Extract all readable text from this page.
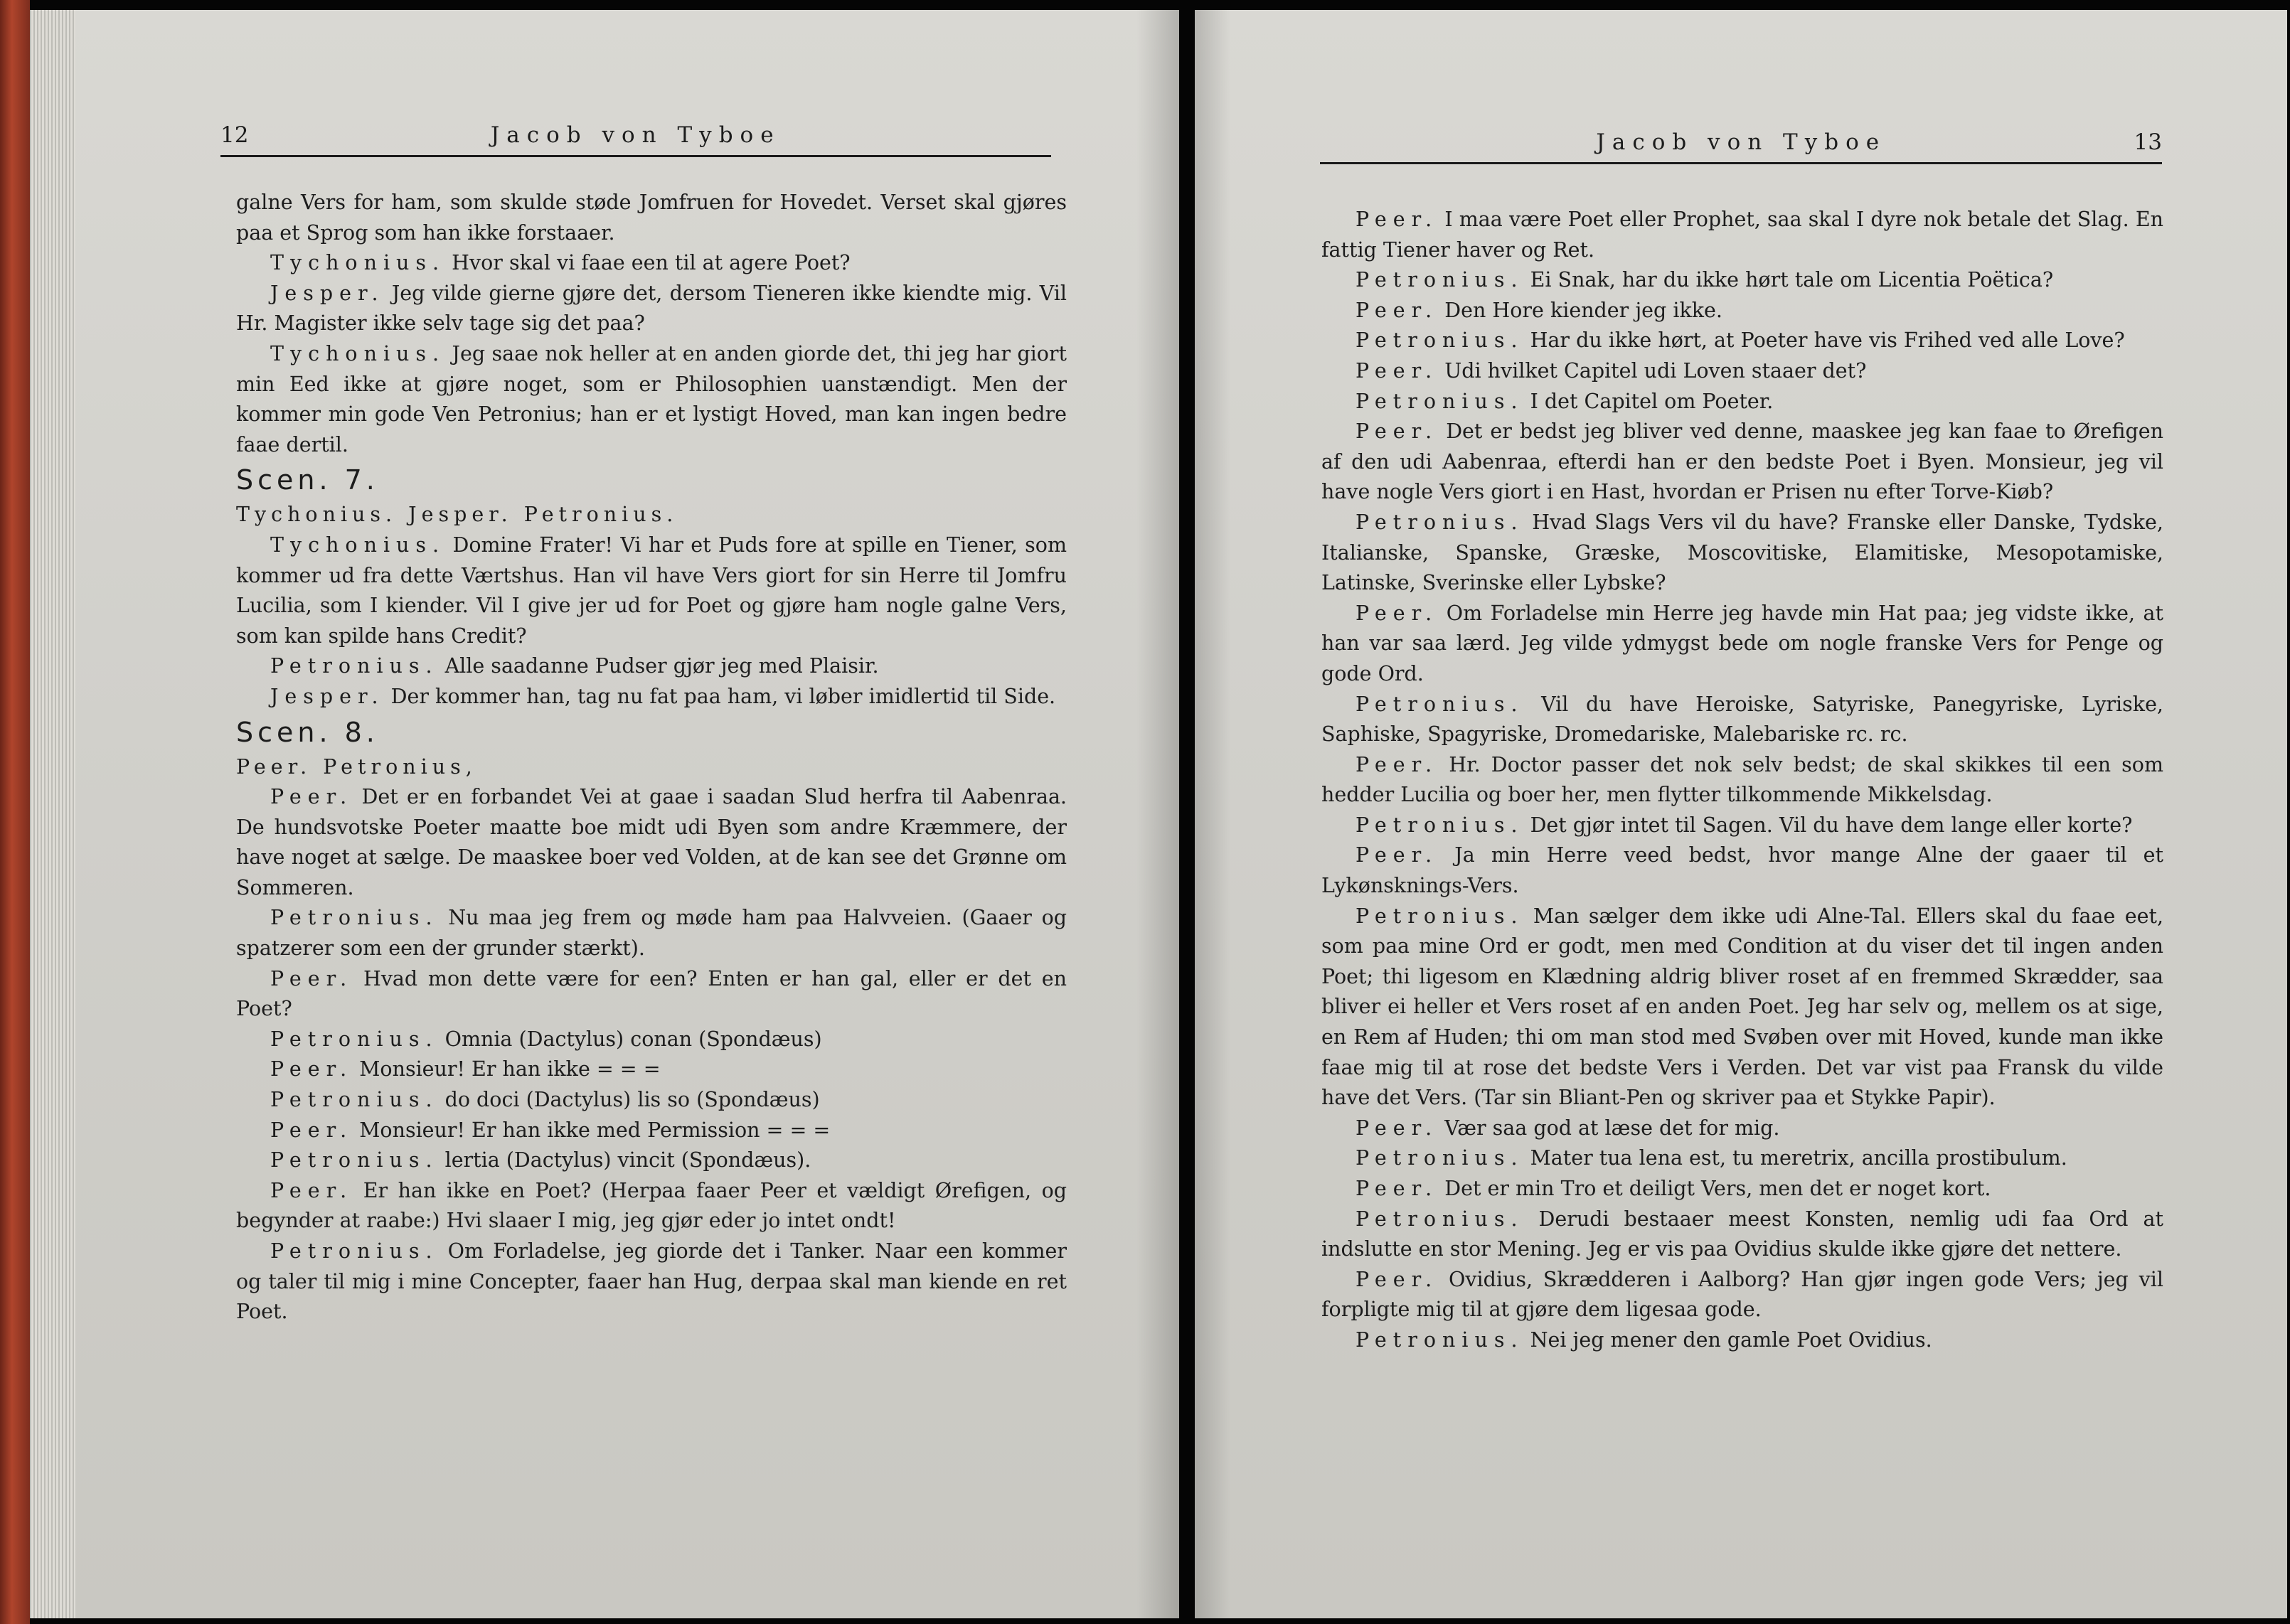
12	Jacob von Tyboe

galne Vers for ham, som skulde støde Jomfruen for Hovedet. Verset skal gjøres paa et Sprog som han ikke forstaaer.

Tychonius. Hvor skal vi faae een til at agere Poet?

Jesper. Jeg vilde gierne gjøre det, dersom Tieneren ikke kiendte mig. Vil Hr. Magister ikke selv tage sig det paa?

Tychonius. Jeg saae nok heller at en anden giorde det, thi jeg har giort min Eed ikke at gjøre noget, som er Philosophien uanstændigt. Men der kommer min gode Ven Petronius; han er et lystigt Hoved, man kan ingen bedre faae dertil.

Scen. 7.

Tychonius. Jesper. Petronius.

Tychonius. Domine Frater! Vi har et Puds fore at spille en Tiener, som kommer ud fra dette Værtshus. Han vil have Vers giort for sin Herre til Jomfru Lucilia, som I kiender. Vil I give jer ud for Poet og gjøre ham nogle galne Vers, som kan spilde hans Credit?

Petronius. Alle saadanne Pudser gjør jeg med Plaisir.

Jesper. Der kommer han, tag nu fat paa ham, vi løber imidlertid til Side.

Scen. 8.

Peer. Petronius,

Peer. Det er en forbandet Vei at gaae i saadan Slud herfra til Aabenraa. De hundsvotske Poeter maatte boe midt udi Byen som andre Kræmmere, der have noget at sælge. De maaskee boer ved Volden, at de kan see det Grønne om Sommeren.

Petronius. Nu maa jeg frem og møde ham paa Halvveien. (Gaaer og spatzerer som een der grunder stærkt).

Peer. Hvad mon dette være for een? Enten er han gal, eller er det en Poet?

Petronius. Omnia (Dactylus) conan (Spondæus)

Peer. Monsieur! Er han ikke = = =

Petronius. do doci (Dactylus) lis so (Spondæus)

Peer. Monsieur! Er han ikke med Permission = = =

Petronius. lertia (Dactylus) vincit (Spondæus).

Peer. Er han ikke en Poet? (Herpaa faaer Peer et vældigt Ørefigen, og begynder at raabe:) Hvi slaaer I mig, jeg gjør eder jo intet ondt!

Petronius. Om Forladelse, jeg giorde det i Tanker. Naar een kommer og taler til mig i mine Concepter, faaer han Hug, derpaa skal man kiende en ret Poet.

Jacob von Tyboe	13

Peer. I maa være Poet eller Prophet, saa skal I dyre nok betale det Slag. En fattig Tiener haver og Ret.

Petronius. Ei Snak, har du ikke hørt tale om Licentia Poëtica?

Peer. Den Hore kiender jeg ikke.

Petronius. Har du ikke hørt, at Poeter have vis Frihed ved alle Love?

Peer. Udi hvilket Capitel udi Loven staaer det?

Petronius. I det Capitel om Poeter.

Peer. Det er bedst jeg bliver ved denne, maaskee jeg kan faae to Ørefigen af den udi Aabenraa, efterdi han er den bedste Poet i Byen. Monsieur, jeg vil have nogle Vers giort i en Hast, hvordan er Prisen nu efter Torve-Kiøb?

Petronius. Hvad Slags Vers vil du have? Franske eller Danske, Tydske, Italianske, Spanske, Græske, Moscovitiske, Elamitiske, Mesopotamiske, Latinske, Sverinske eller Lybske?

Peer. Om Forladelse min Herre jeg havde min Hat paa; jeg vidste ikke, at han var saa lærd. Jeg vilde ydmygst bede om nogle franske Vers for Penge og gode Ord.

Petronius. Vil du have Heroiske, Satyriske, Panegyriske, Lyriske, Saphiske, Spagyriske, Dromedariske, Malebariske rc. rc.

Peer. Hr. Doctor passer det nok selv bedst; de skal skikkes til een som hedder Lucilia og boer her, men flytter tilkommende Mikkelsdag.

Petronius. Det gjør intet til Sagen. Vil du have dem lange eller korte?

Peer. Ja min Herre veed bedst, hvor mange Alne der gaaer til et Lykønsknings-Vers.

Petronius. Man sælger dem ikke udi Alne-Tal. Ellers skal du faae eet, som paa mine Ord er godt, men med Condition at du viser det til ingen anden Poet; thi ligesom en Klædning aldrig bliver roset af en fremmed Skrædder, saa bliver ei heller et Vers roset af en anden Poet. Jeg har selv og, mellem os at sige, en Rem af Huden; thi om man stod med Svøben over mit Hoved, kunde man ikke faae mig til at rose det bedste Vers i Verden. Det var vist paa Fransk du vilde have det Vers. (Tar sin Bliant-Pen og skriver paa et Stykke Papir).

Peer. Vær saa god at læse det for mig.

Petronius. Mater tua lena est, tu meretrix, ancilla prostibulum.

Peer. Det er min Tro et deiligt Vers, men det er noget kort.

Petronius. Derudi bestaaer meest Konsten, nemlig udi faa Ord at indslutte en stor Mening. Jeg er vis paa Ovidius skulde ikke gjøre det nettere.

Peer. Ovidius, Skrædderen i Aalborg? Han gjør ingen gode Vers; jeg vil forpligte mig til at gjøre dem ligesaa gode.

Petronius. Nei jeg mener den gamle Poet Ovidius.
